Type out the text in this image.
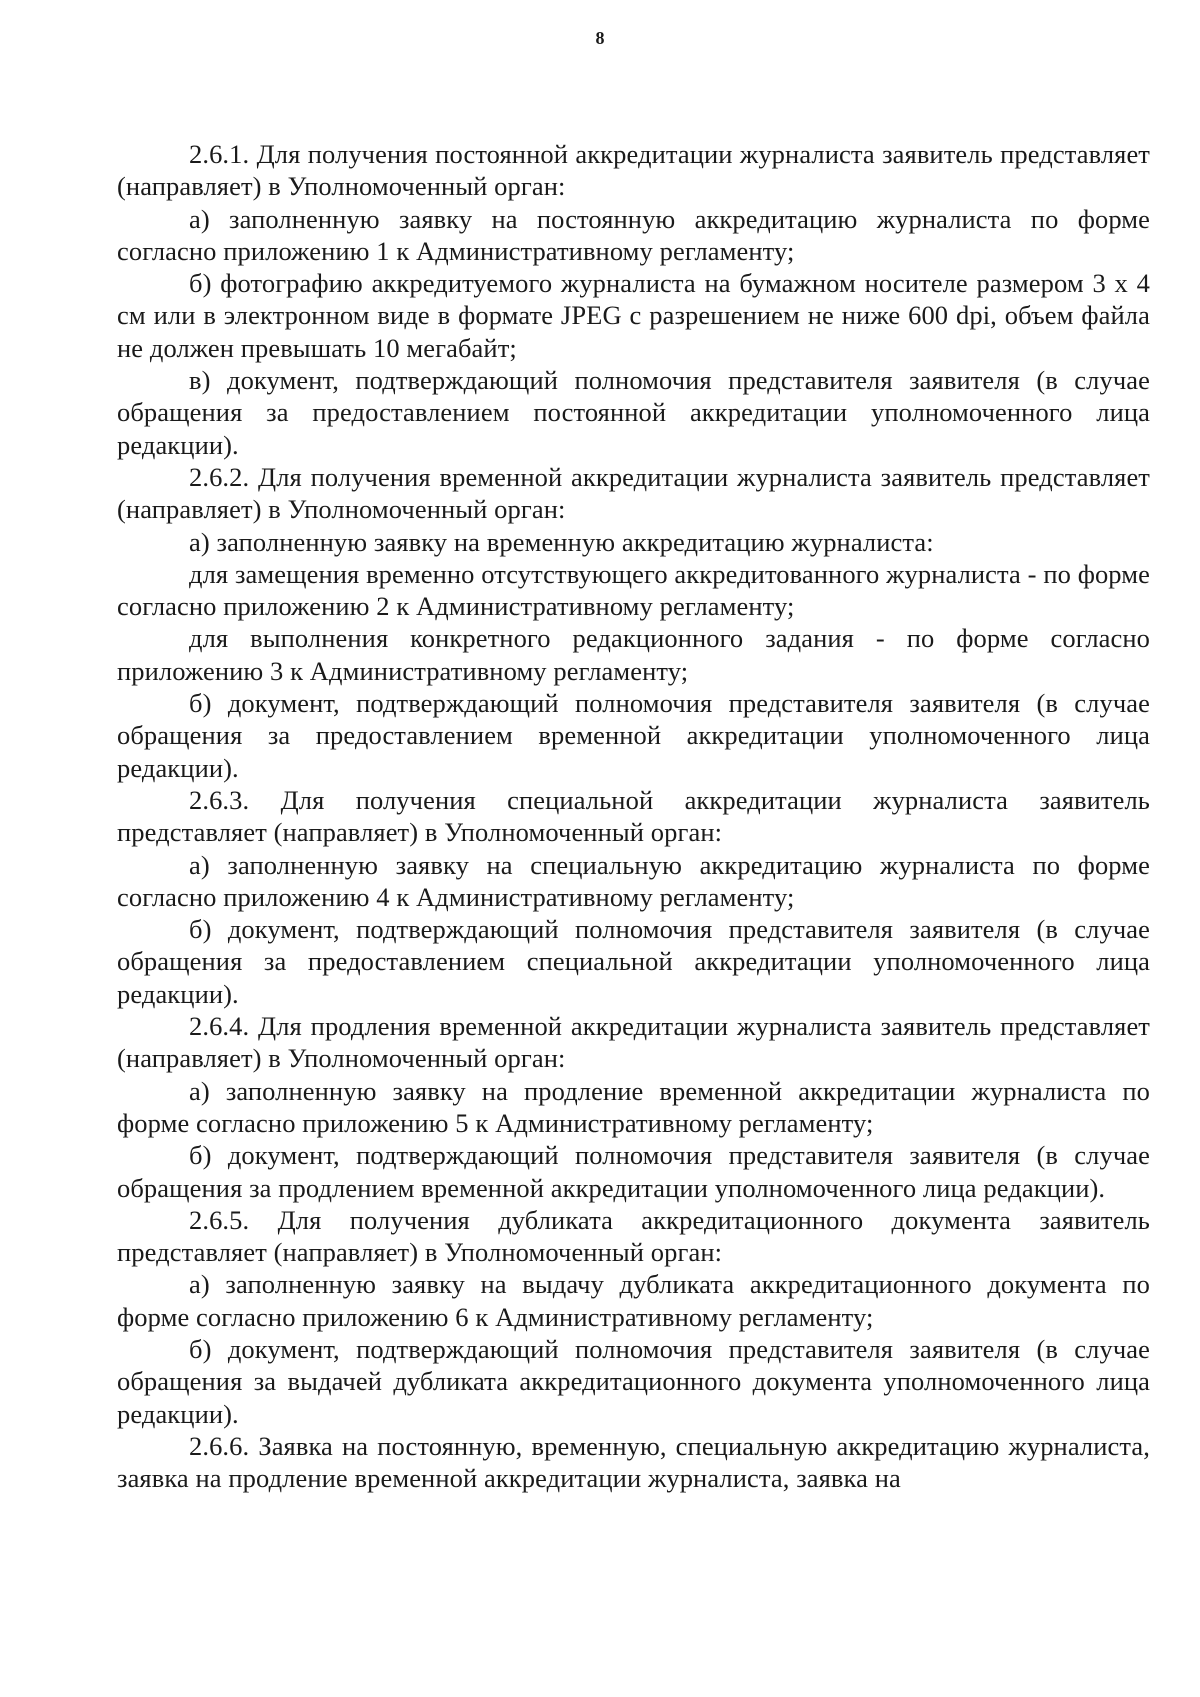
8

2.6.1. Для получения постоянной аккредитации журналиста заявитель представляет (направляет) в Уполномоченный орган:

а) заполненную заявку на постоянную аккредитацию журналиста по форме согласно приложению 1 к Административному регламенту;

б) фотографию аккредитуемого журналиста на бумажном носителе размером 3 х 4 см или в электронном виде в формате JPEG с разрешением не ниже 600 dpi, объем файла не должен превышать 10 мегабайт;

в) документ, подтверждающий полномочия представителя заявителя (в случае обращения за предоставлением постоянной аккредитации уполномоченного лица редакции).

2.6.2. Для получения временной аккредитации журналиста заявитель представляет (направляет) в Уполномоченный орган:

а) заполненную заявку на временную аккредитацию журналиста:

для замещения временно отсутствующего аккредитованного журналиста - по форме согласно приложению 2 к Административному регламенту;

для выполнения конкретного редакционного задания - по форме согласно приложению 3 к Административному регламенту;

б) документ, подтверждающий полномочия представителя заявителя (в случае обращения за предоставлением временной аккредитации уполномоченного лица редакции).

2.6.3. Для получения специальной аккредитации журналиста заявитель представляет (направляет) в Уполномоченный орган:

а) заполненную заявку на специальную аккредитацию журналиста по форме согласно приложению 4 к Административному регламенту;

б) документ, подтверждающий полномочия представителя заявителя (в случае обращения за предоставлением специальной аккредитации уполномоченного лица редакции).

2.6.4. Для продления временной аккредитации журналиста заявитель представляет (направляет) в Уполномоченный орган:

а) заполненную заявку на продление временной аккредитации журналиста по форме согласно приложению 5 к Административному регламенту;

б) документ, подтверждающий полномочия представителя заявителя (в случае обращения за продлением временной аккредитации уполномоченного лица редакции).

2.6.5. Для получения дубликата аккредитационного документа заявитель представляет (направляет) в Уполномоченный орган:

а) заполненную заявку на выдачу дубликата аккредитационного документа по форме согласно приложению 6 к Административному регламенту;

б) документ, подтверждающий полномочия представителя заявителя (в случае обращения за выдачей дубликата аккредитационного документа уполномоченного лица редакции).

2.6.6. Заявка на постоянную, временную, специальную аккредитацию журналиста, заявка на продление временной аккредитации журналиста, заявка на
